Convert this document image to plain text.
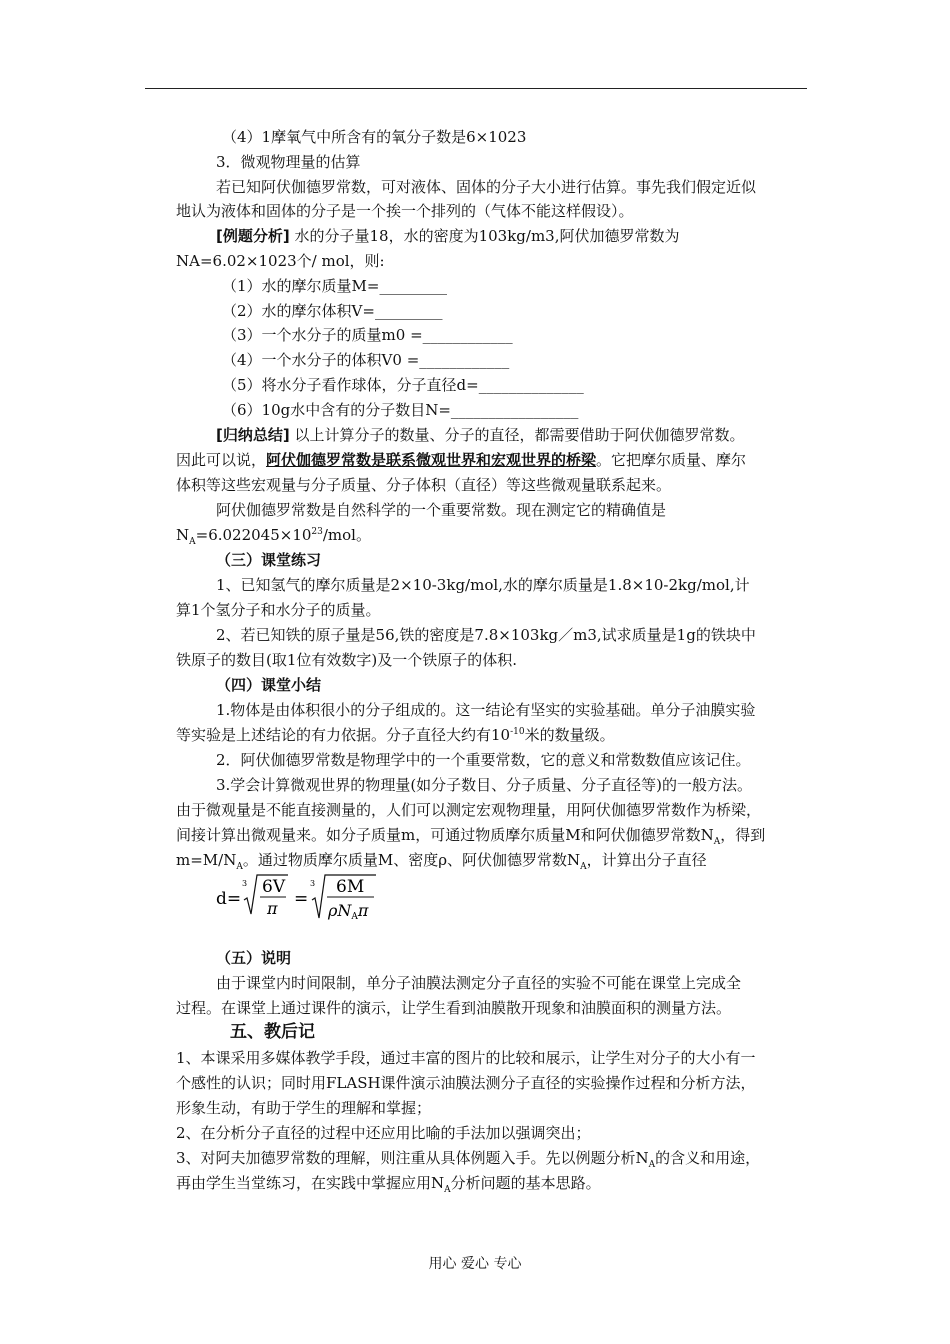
（4）1摩氧气中所含有的氧分子数是6×1023
3．微观物理量的估算
若已知阿伏伽德罗常数，可对液体、固体的分子大小进行估算。事先我们假定近似
地认为液体和固体的分子是一个挨一个排列的（气体不能这样假设）。
[例题分析] 水的分子量18，水的密度为103kg/m3,阿伏加德罗常数为
NA=6.02×1023个/ mol，则:
（1）水的摩尔质量M=_________
（2）水的摩尔体积V=_________
（3）一个水分子的质量m0 =____________
（4）一个水分子的体积V0 =____________
（5）将水分子看作球体，分子直径d=______________
（6）10g水中含有的分子数目N=_________________
[归纳总结] 以上计算分子的数量、分子的直径，都需要借助于阿伏伽德罗常数。
因此可以说，阿伏伽德罗常数是联系微观世界和宏观世界的桥梁。它把摩尔质量、摩尔
体积等这些宏观量与分子质量、分子体积（直径）等这些微观量联系起来。
阿伏伽德罗常数是自然科学的一个重要常数。现在测定它的精确值是
$N_A=6.022045\times 10^{23}$/mol。
（三）课堂练习
1、已知氢气的摩尔质量是2×10-3kg/mol,水的摩尔质量是1.8×10-2kg/mol,计
算1个氢分子和水分子的质量。
2、若已知铁的原子量是56,铁的密度是7.8×103kg／m3,试求质量是1g的铁块中
铁原子的数目(取1位有效数字)及一个铁原子的体积.
（四）课堂小结
1.物体是由体积很小的分子组成的。这一结论有坚实的实验基础。单分子油膜实验
等实验是上述结论的有力依据。分子直径大约有$10^{-10}$米的数量级。
2．阿伏伽德罗常数是物理学中的一个重要常数，它的意义和常数数值应该记住。
3.学会计算微观世界的物理量(如分子数目、分子质量、分子直径等)的一般方法。
由于微观量是不能直接测量的，人们可以测定宏观物理量，用阿伏伽德罗常数作为桥梁，
间接计算出微观量来。如分子质量m，可通过物质摩尔质量M和阿伏伽德罗常数$N_A$，得到
$m=M/N_A$。通过物质摩尔质量M、密度ρ、阿伏伽德罗常数$N_A$，计算出分子直径
d=
3 6V
π =
3 6M
ρNAπ
（五）说明
由于课堂内时间限制，单分子油膜法测定分子直径的实验不可能在课堂上完成全
过程。在课堂上通过课件的演示，让学生看到油膜散开现象和油膜面积的测量方法。
五、教后记
1、本课采用多媒体教学手段，通过丰富的图片的比较和展示，让学生对分子的大小有一
个感性的认识；同时用FLASH课件演示油膜法测分子直径的实验操作过程和分析方法，
形象生动，有助于学生的理解和掌握；
2、在分析分子直径的过程中还应用比喻的手法加以强调突出；
3、对阿夫加德罗常数的理解，则注重从具体例题入手。先以例题分析$N_A$的含义和用途，
再由学生当堂练习，在实践中掌握应用$N_A$分析问题的基本思路。
用心 爱心 专心
